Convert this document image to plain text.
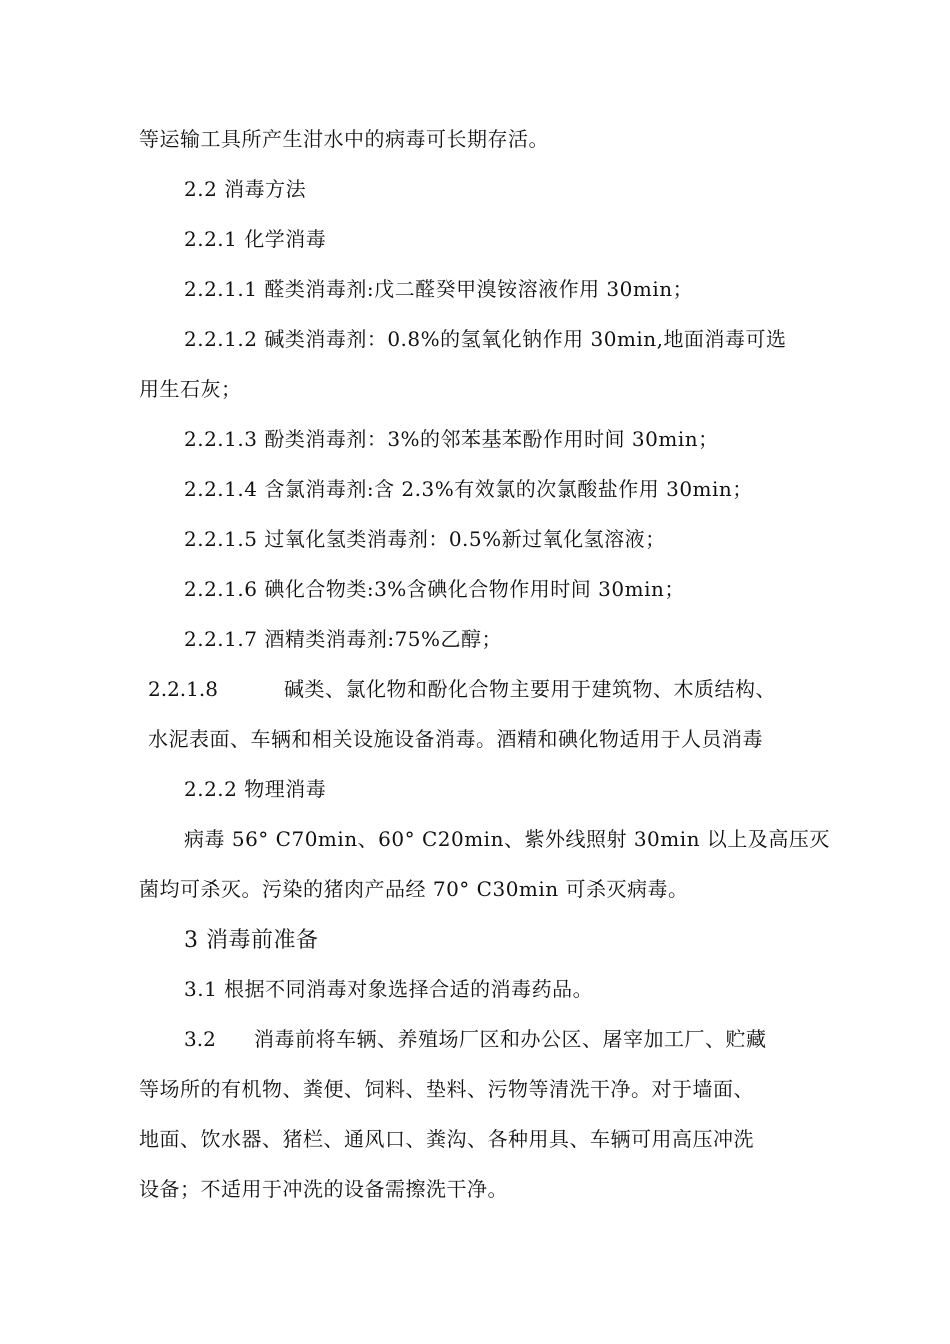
等运输工具所产生泔水中的病毒可长期存活。
2.2 消毒方法
2.2.1 化学消毒
2.2.1.1 醛类消毒剂:戊二醛癸甲溴铵溶液作用 30min；
2.2.1.2 碱类消毒剂：0.8%的氢氧化钠作用 30min,地面消毒可选
用生石灰；
2.2.1.3 酚类消毒剂：3%的邻苯基苯酚作用时间 30min；
2.2.1.4 含氯消毒剂:含 2.3%有效氯的次氯酸盐作用 30min；
2.2.1.5 过氧化氢类消毒剂：0.5%新过氧化氢溶液；
2.2.1.6 碘化合物类:3%含碘化合物作用时间 30min；
2.2.1.7 酒精类消毒剂:75%乙醇；
2.2.1.8	碱类、氯化物和酚化合物主要用于建筑物、木质结构、
水泥表面、车辆和相关设施设备消毒。酒精和碘化物适用于人员消毒
2.2.2 物理消毒
病毒 56° C70min、60° C20min、紫外线照射 30min 以上及高压灭
菌均可杀灭。污染的猪肉产品经 70° C30min 可杀灭病毒。
3 消毒前准备
3.1 根据不同消毒对象选择合适的消毒药品。
3.2 消毒前将车辆、养殖场厂区和办公区、屠宰加工厂、贮藏
等场所的有机物、粪便、饲料、垫料、污物等清洗干净。对于墙面、
地面、饮水器、猪栏、通风口、粪沟、各种用具、车辆可用高压冲洗
设备；不适用于冲洗的设备需擦洗干净。
